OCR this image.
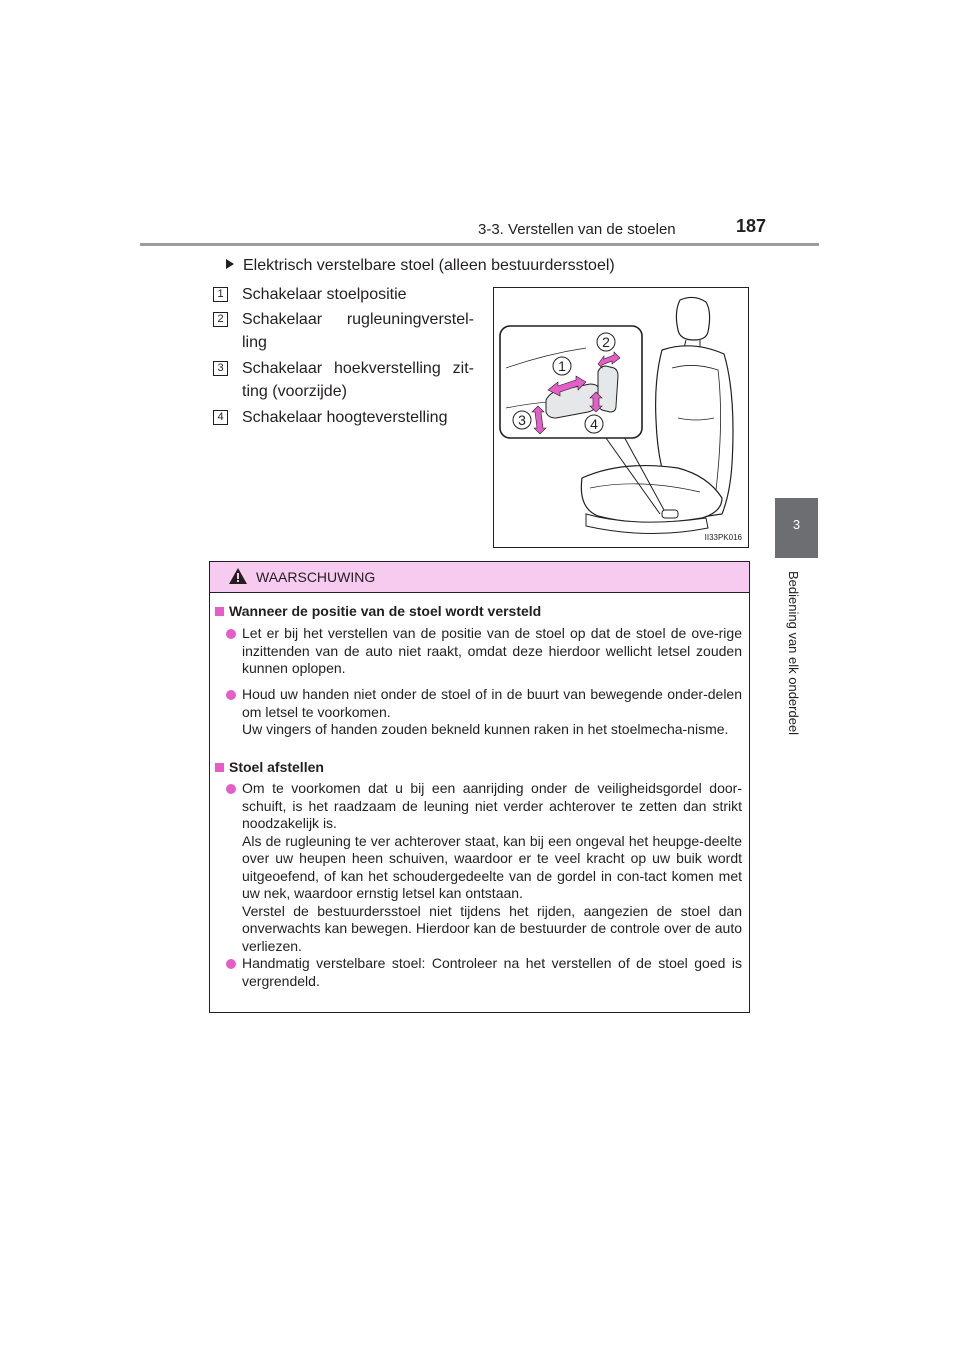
3-3. Verstellen van de stoelen	187
3
Bediening van elk onderdeel
Elektrisch verstelbare stoel (alleen bestuurdersstoel)
1 Schakelaar stoelpositie
2 Schakelaar rugleuningverstel-ling
3 Schakelaar hoekverstelling zit-ting (voorzijde)
4 Schakelaar hoogteverstelling
1
2
3	4
II33PK016
WAARSCHUWING
Wanneer de positie van de stoel wordt versteld
Let er bij het verstellen van de positie van de stoel op dat de stoel de ove-rige inzittenden van de auto niet raakt, omdat deze hierdoor wellicht letsel zouden kunnen oplopen.
Houd uw handen niet onder de stoel of in de buurt van bewegende onder-delen om letsel te voorkomen.
Uw vingers of handen zouden bekneld kunnen raken in het stoelmecha-nisme.
Stoel afstellen
Om te voorkomen dat u bij een aanrijding onder de veiligheidsgordel door-schuift, is het raadzaam de leuning niet verder achterover te zetten dan strikt noodzakelijk is.
Als de rugleuning te ver achterover staat, kan bij een ongeval het heupge-deelte over uw heupen heen schuiven, waardoor er te veel kracht op uw buik wordt uitgeoefend, of kan het schoudergedeelte van de gordel in con-tact komen met uw nek, waardoor ernstig letsel kan ontstaan.
Verstel de bestuurdersstoel niet tijdens het rijden, aangezien de stoel dan onverwachts kan bewegen. Hierdoor kan de bestuurder de controle over de auto verliezen.
Handmatig verstelbare stoel: Controleer na het verstellen of de stoel goed is vergrendeld.
